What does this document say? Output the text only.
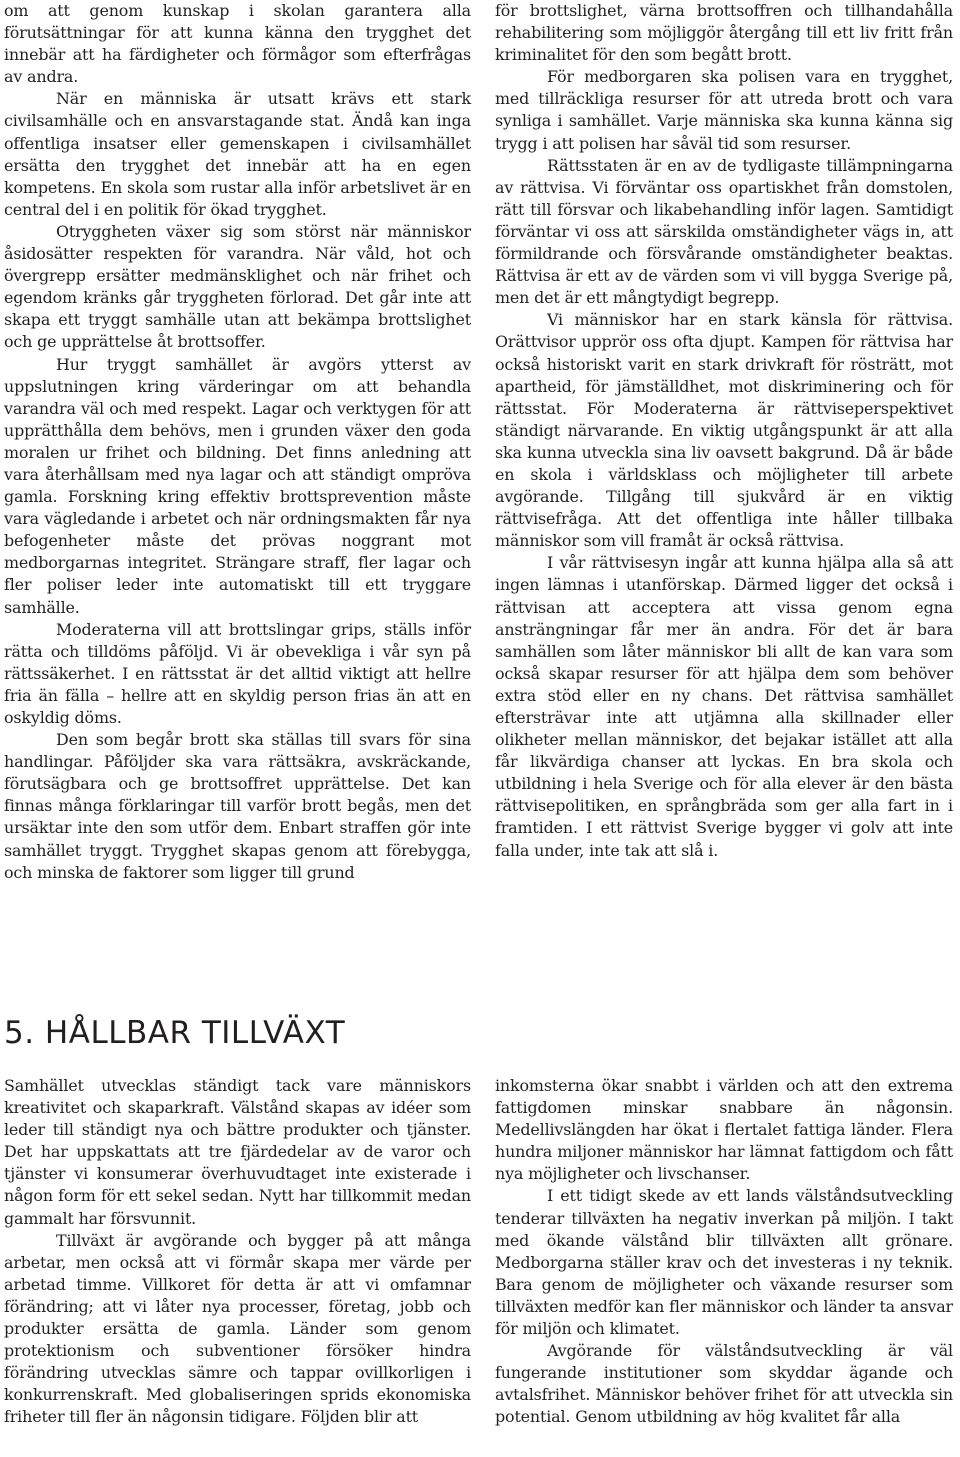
om att genom kunskap i skolan garantera alla förutsättningar för att kunna känna den trygghet det innebär att ha färdigheter och förmågor som efterfrågas av andra.

När en människa är utsatt krävs ett stark civilsamhälle och en ansvarstagande stat. Ändå kan inga offentliga insatser eller gemenskapen i civilsamhället ersätta den trygghet det innebär att ha en egen kompetens. En skola som rustar alla inför arbetslivet är en central del i en politik för ökad trygghet.

Otryggheten växer sig som störst när människor åsidosätter respekten för varandra. När våld, hot och övergrepp ersätter medmänsklighet och när frihet och egendom kränks går tryggheten förlorad. Det går inte att skapa ett tryggt samhälle utan att bekämpa brottslighet och ge upprättelse åt brottsoffer.

Hur tryggt samhället är avgörs ytterst av uppslutningen kring värderingar om att behandla varandra väl och med respekt. Lagar och verktygen för att upprätthålla dem behövs, men i grunden växer den goda moralen ur frihet och bildning. Det finns anledning att vara återhållsam med nya lagar och att ständigt ompröva gamla. Forskning kring effektiv brottsprevention måste vara vägledande i arbetet och när ordningsmakten får nya befogenheter måste det prövas noggrant mot medborgarnas integritet. Strängare straff, fler lagar och fler poliser leder inte automatiskt till ett tryggare samhälle.

Moderaterna vill att brottslingar grips, ställs inför rätta och tilldöms påföljd. Vi är obevekliga i vår syn på rättssäkerhet. I en rättsstat är det alltid viktigt att hellre fria än fälla – hellre att en skyldig person frias än att en oskyldig döms.

Den som begår brott ska ställas till svars för sina handlingar. Påföljder ska vara rättsäkra, avskräckande, förutsägbara och ge brottsoffret upprättelse. Det kan finnas många förklaringar till varför brott begås, men det ursäktar inte den som utför dem. Enbart straffen gör inte samhället tryggt. Trygghet skapas genom att förebygga, och minska de faktorer som ligger till grund

för brottslighet, värna brottsoffren och tillhandahålla rehabilitering som möjliggör återgång till ett liv fritt från kriminalitet för den som begått brott.

För medborgaren ska polisen vara en trygghet, med tillräckliga resurser för att utreda brott och vara synliga i samhället. Varje människa ska kunna känna sig trygg i att polisen har såväl tid som resurser.

Rättsstaten är en av de tydligaste tillämpningarna av rättvisa. Vi förväntar oss opartiskhet från domstolen, rätt till försvar och likabehandling inför lagen. Samtidigt förväntar vi oss att särskilda omständigheter vägs in, att förmildrande och försvårande omständigheter beaktas. Rättvisa är ett av de värden som vi vill bygga Sverige på, men det är ett mångtydigt begrepp.

Vi människor har en stark känsla för rättvisa. Orättvisor upprör oss ofta djupt. Kampen för rättvisa har också historiskt varit en stark drivkraft för rösträtt, mot apartheid, för jämställdhet, mot diskriminering och för rättsstat. För Moderaterna är rättviseperspektivet ständigt närvarande. En viktig utgångspunkt är att alla ska kunna utveckla sina liv oavsett bakgrund. Då är både en skola i världsklass och möjligheter till arbete avgörande. Tillgång till sjukvård är en viktig rättvisefråga. Att det offentliga inte håller tillbaka människor som vill framåt är också rättvisa.

I vår rättvisesyn ingår att kunna hjälpa alla så att ingen lämnas i utanförskap. Därmed ligger det också i rättvisan att acceptera att vissa genom egna ansträngningar får mer än andra. För det är bara samhällen som låter människor bli allt de kan vara som också skapar resurser för att hjälpa dem som behöver extra stöd eller en ny chans. Det rättvisa samhället eftersträvar inte att utjämna alla skillnader eller olikheter mellan människor, det bejakar istället att alla får likvärdiga chanser att lyckas. En bra skola och utbildning i hela Sverige och för alla elever är den bästa rättvisepolitiken, en språngbräda som ger alla fart in i framtiden. I ett rättvist Sverige bygger vi golv att inte falla under, inte tak att slå i.

5. HÅLLBAR TILLVÄXT

Samhället utvecklas ständigt tack vare människors kreativitet och skaparkraft. Välstånd skapas av idéer som leder till ständigt nya och bättre produkter och tjänster. Det har uppskattats att tre fjärdedelar av de varor och tjänster vi konsumerar överhuvudtaget inte existerade i någon form för ett sekel sedan. Nytt har tillkommit medan gammalt har försvunnit.

Tillväxt är avgörande och bygger på att många arbetar, men också att vi förmår skapa mer värde per arbetad timme. Villkoret för detta är att vi omfamnar förändring; att vi låter nya processer, företag, jobb och produkter ersätta de gamla. Länder som genom protektionism och subventioner försöker hindra förändring utvecklas sämre och tappar ovillkorligen i konkurrenskraft. Med globaliseringen sprids ekonomiska friheter till fler än någonsin tidigare. Följden blir att

inkomsterna ökar snabbt i världen och att den extrema fattigdomen minskar snabbare än någonsin. Medellivslängden har ökat i flertalet fattiga länder. Flera hundra miljoner människor har lämnat fattigdom och fått nya möjligheter och livschanser.

I ett tidigt skede av ett lands välståndsutveckling tenderar tillväxten ha negativ inverkan på miljön. I takt med ökande välstånd blir tillväxten allt grönare. Medborgarna ställer krav och det investeras i ny teknik. Bara genom de möjligheter och växande resurser som tillväxten medför kan fler människor och länder ta ansvar för miljön och klimatet.

Avgörande för välståndsutveckling är väl fungerande institutioner som skyddar ägande och avtalsfrihet. Människor behöver frihet för att utveckla sin potential. Genom utbildning av hög kvalitet får alla
